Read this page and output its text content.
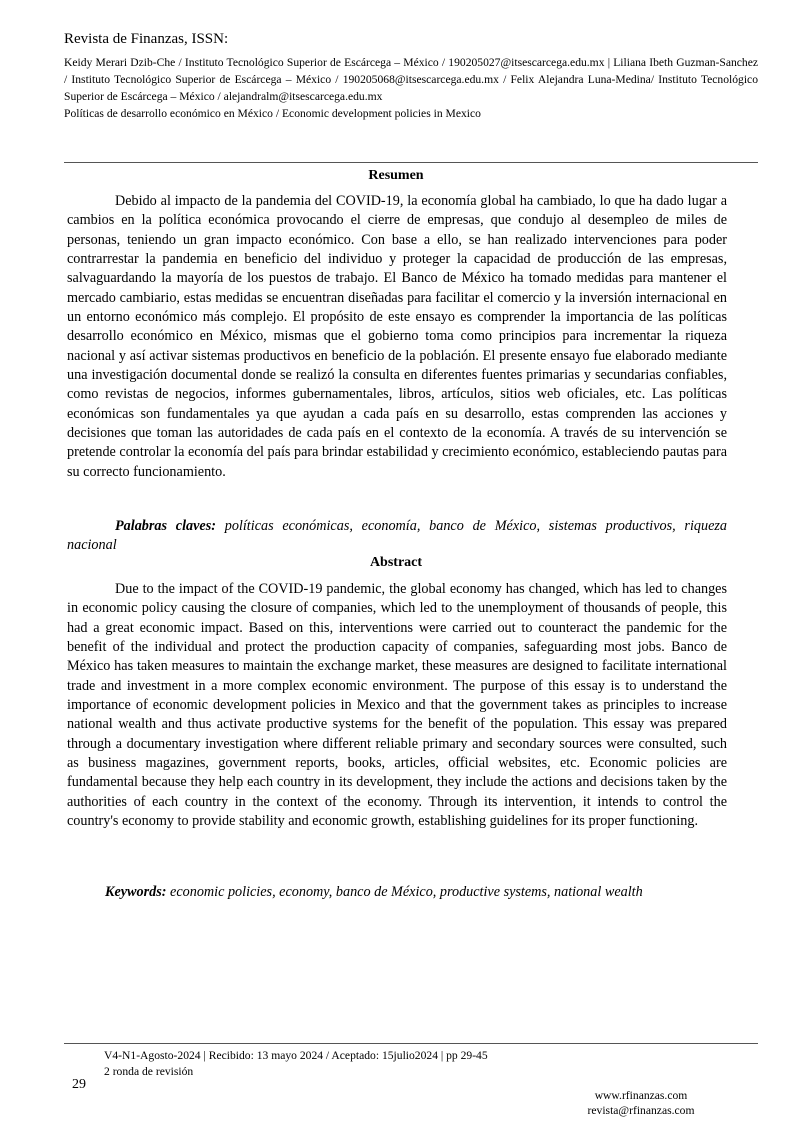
Revista de Finanzas, ISSN:

Keidy Merari Dzib-Che / Instituto Tecnológico Superior de Escárcega – México / 190205027@itsescarcega.edu.mx | Liliana Ibeth Guzman-Sanchez / Instituto Tecnológico Superior de Escárcega – México / 190205068@itsescarcega.edu.mx / Felix Alejandra Luna-Medina/ Instituto Tecnológico Superior de Escárcega – México / alejandralm@itsescarcega.edu.mx

Políticas de desarrollo económico en México / Economic development policies in Mexico

Resumen

Debido al impacto de la pandemia del COVID-19, la economía global ha cambiado, lo que ha dado lugar a cambios en la política económica provocando el cierre de empresas, que condujo al desempleo de miles de personas, teniendo un gran impacto económico. Con base a ello, se han realizado intervenciones para poder contrarrestar la pandemia en beneficio del individuo y proteger la capacidad de producción de las empresas, salvaguardando la mayoría de los puestos de trabajo. El Banco de México ha tomado medidas para mantener el mercado cambiario, estas medidas se encuentran diseñadas para facilitar el comercio y la inversión internacional en un entorno económico más complejo. El propósito de este ensayo es comprender la importancia de las políticas desarrollo económico en México, mismas que el gobierno toma como principios para incrementar la riqueza nacional y así activar sistemas productivos en beneficio de la población. El presente ensayo fue elaborado mediante una investigación documental donde se realizó la consulta en diferentes fuentes primarias y secundarias confiables, como revistas de negocios, informes gubernamentales, libros, artículos, sitios web oficiales, etc. Las políticas económicas son fundamentales ya que ayudan a cada país en su desarrollo, estas comprenden las acciones y decisiones que toman las autoridades de cada país en el contexto de la economía. A través de su intervención se pretende controlar la economía del país para brindar estabilidad y crecimiento económico, estableciendo pautas para su correcto funcionamiento.

Palabras claves: políticas económicas, economía, banco de México, sistemas productivos, riqueza nacional

Abstract

Due to the impact of the COVID-19 pandemic, the global economy has changed, which has led to changes in economic policy causing the closure of companies, which led to the unemployment of thousands of people, this had a great economic impact. Based on this, interventions were carried out to counteract the pandemic for the benefit of the individual and protect the production capacity of companies, safeguarding most jobs. Banco de México has taken measures to maintain the exchange market, these measures are designed to facilitate international trade and investment in a more complex economic environment. The purpose of this essay is to understand the importance of economic development policies in Mexico and that the government takes as principles to increase national wealth and thus activate productive systems for the benefit of the population. This essay was prepared through a documentary investigation where different reliable primary and secondary sources were consulted, such as business magazines, government reports, books, articles, official websites, etc. Economic policies are fundamental because they help each country in its development, they include the actions and decisions taken by the authorities of each country in the context of the economy. Through its intervention, it intends to control the country's economy to provide stability and economic growth, establishing guidelines for its proper functioning.

Keywords: economic policies, economy, banco de México, productive systems, national wealth

V4-N1-Agosto-2024 | Recibido: 13 mayo 2024 / Aceptado: 15julio2024 | pp 29-45
2 ronda de revisión

29

www.rfinanzas.com
revista@rfinanzas.com
